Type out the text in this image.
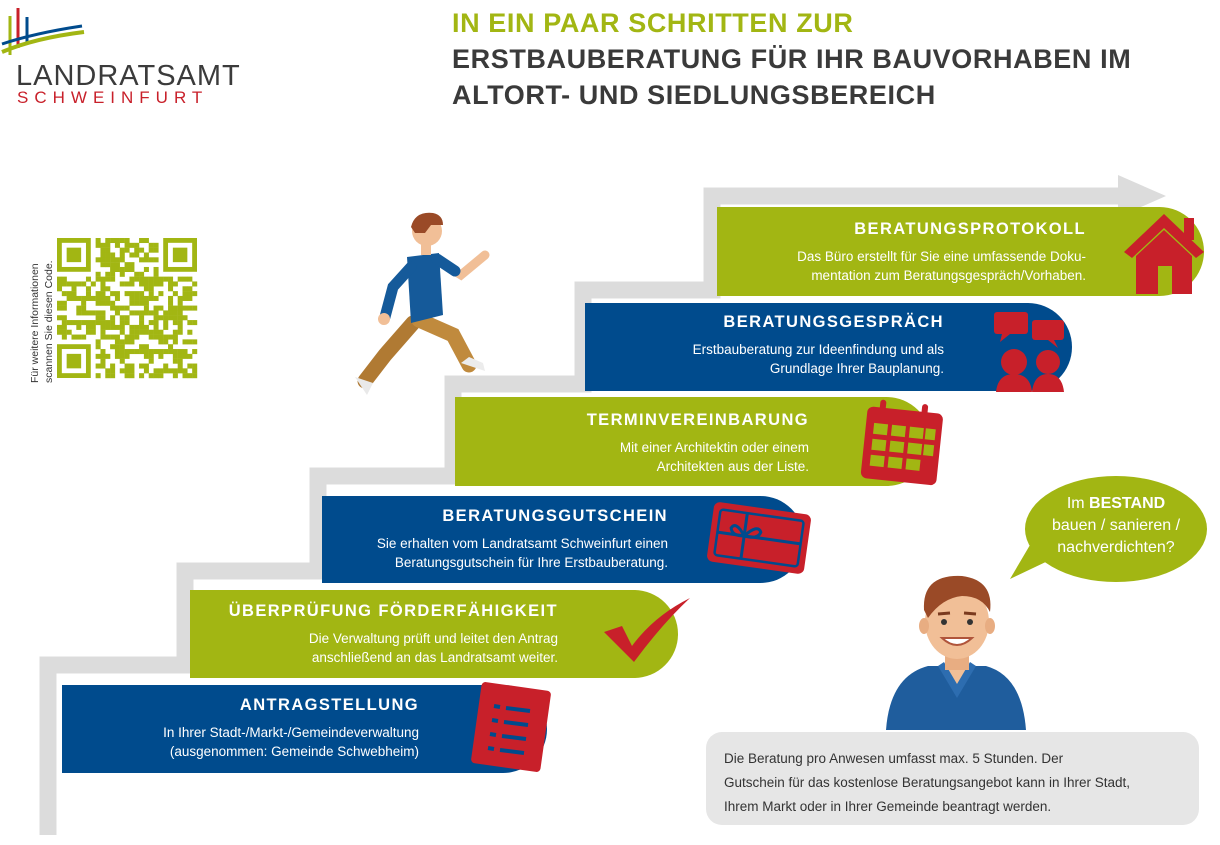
LANDRATSAMT
SCHWEINFURT
IN EIN PAAR SCHRITTEN ZUR
ERSTBAUBERATUNG FÜR IHR BAUVORHABEN IM
ALTORT- UND SIEDLUNGSBEREICH
Für weitere Informationen scannen Sie diesen Code.
ANTRAGSTELLUNG
In Ihrer Stadt-/Markt-/Gemeindeverwaltung
(ausgenommen: Gemeinde Schwebheim)
ÜBERPRÜFUNG FÖRDERFÄHIGKEIT
Die Verwaltung prüft und leitet den Antrag
anschließend an das Landratsamt weiter.
BERATUNGSGUTSCHEIN
Sie erhalten vom Landratsamt Schweinfurt einen
Beratungsgutschein für Ihre Erstbauberatung.
TERMINVEREINBARUNG
Mit einer Architektin oder einem
Architekten aus der Liste.
BERATUNGSGESPRÄCH
Erstbauberatung zur Ideenfindung und als
Grundlage Ihrer Bauplanung.
BERATUNGSPROTOKOLL
Das Büro erstellt für Sie eine umfassende Doku-
mentation zum Beratungsgespräch/Vorhaben.
Im BESTAND
bauen / sanieren /
nachverdichten?
Die Beratung pro Anwesen umfasst max. 5 Stunden. Der
Gutschein für das kostenlose Beratungsangebot kann in Ihrer Stadt,
Ihrem Markt oder in Ihrer Gemeinde beantragt werden.
